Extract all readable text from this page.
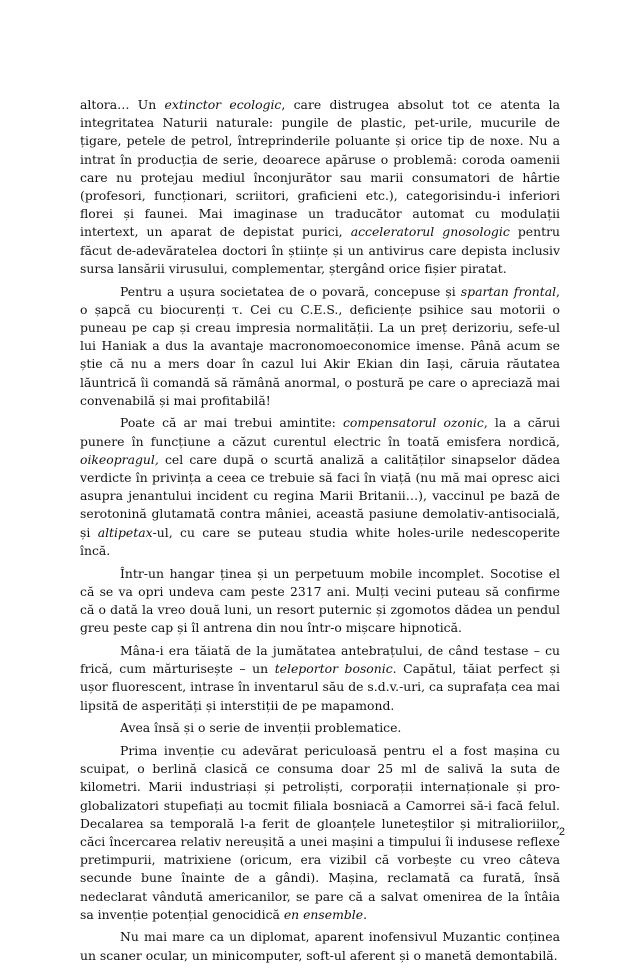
altora… Un extinctor ecologic, care distrugea absolut tot ce atenta la integritatea Naturii naturale: pungile de plastic, pet-urile, mucurile de țigare, petele de petrol, întreprinderile poluante și orice tip de noxe. Nu a intrat în producția de serie, deoarece apăruse o problemă: coroda oamenii care nu protejau mediul înconjurător sau marii consumatori de hârtie (profesori, funcționari, scriitori, graficieni etc.), categorisindu-i inferiori florei și faunei. Mai imaginase un traducător automat cu modulații intertext, un aparat de depistat purici, acceleratorul gnosologic pentru făcut de-adevăratelea doctori în științe și un antivirus care depista inclusiv sursa lansării virusului, complementar, ștergând orice fișier piratat.

Pentru a ușura societatea de o povară, concepuse și spartan frontal, o șapcă cu biocurenți τ. Cei cu C.E.S., deficiențe psihice sau motorii o puneau pe cap și creau impresia normalității. La un preț derizoriu, sefe-ul lui Haniak a dus la avantaje macronomoeconomice imense. Până acum se știe că nu a mers doar în cazul lui Akir Ekian din Iași, căruia răutatea lăuntrică îi comandă să rămână anormal, o postură pe care o apreciază mai convenabilă și mai profitabilă!

Poate că ar mai trebui amintite: compensatorul ozonic, la a cărui punere în funcțiune a căzut curentul electric în toată emisfera nordică, oikeopragul, cel care după o scurtă analiză a calităților sinapselor dădea verdicte în privința a ceea ce trebuie să faci în viață (nu mă mai opresc aici asupra jenantului incident cu regina Marii Britanii…), vaccinul pe bază de serotonină glutamată contra mâniei, această pasiune demolativ-antisocială, și altipetax-ul, cu care se puteau studia white holes-urile nedescoperite încă.

Într-un hangar ținea și un perpetuum mobile incomplet. Socotise el că se va opri undeva cam peste 2317 ani. Mulți vecini puteau să confirme că o dată la vreo două luni, un resort puternic și zgomotos dădea un pendul greu peste cap și îl antrena din nou într-o mișcare hipnotică.

Mâna-i era tăiată de la jumătatea antebrațului, de când testase – cu frică, cum mărturisește – un teleportor bosonic. Capătul, tăiat perfect și ușor fluorescent, intrase în inventarul său de s.d.v.-uri, ca suprafața cea mai lipsită de asperități și interstiții de pe mapamond.

Avea însă și o serie de invenții problematice.

Prima invenție cu adevărat periculoasă pentru el a fost mașina cu scuipat, o berlină clasică ce consuma doar 25 ml de salivă la suta de kilometri. Marii industriași și petroliști, corporații internaționale și pro-globalizatori stupefiați au tocmit filiala bosniacă a Camorrei să-i facă felul. Decalarea sa temporală l-a ferit de gloanțele luneteștilor și mitralioriilor, căci încercarea relativ nereușită a unei mașini a timpului îi indusese reflexe pretimpurii, matrixiene (oricum, era vizibil că vorbește cu vreo câteva secunde bune înainte de a gândi). Mașina, reclamată ca furată, însă nedeclarat vândută americanilor, se pare că a salvat omenirea de la întâia sa invenție potențial genocidică en ensemble.

Nu mai mare ca un diplomat, aparent inofensivul Muzantic conținea un scaner ocular, un minicomputer, soft-ul aferent și o manetă demontabilă.

2
